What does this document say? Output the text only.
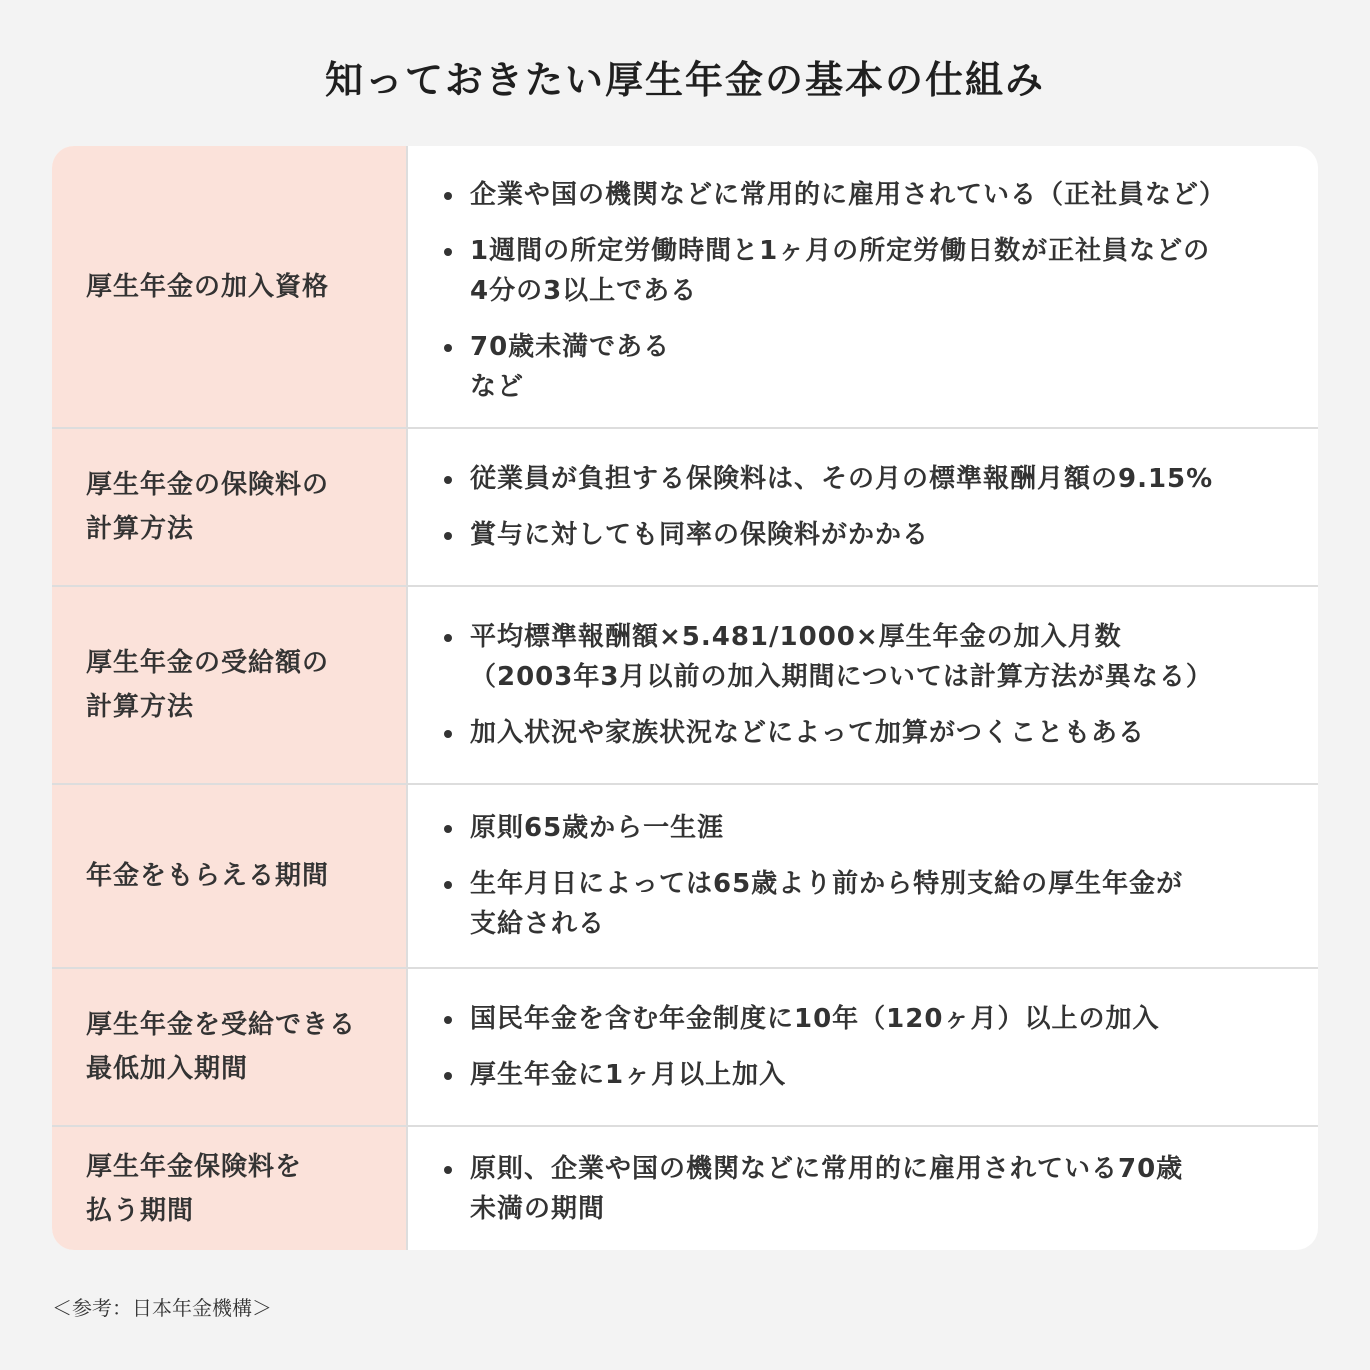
知っておきたい厚生年金の基本の仕組み
厚生年金の加入資格
企業や国の機関などに常用的に雇用されている（正社員など）
1週間の所定労働時間と1ヶ月の所定労働日数が正社員などの
4分の3以上である
70歳未満である
など
厚生年金の保険料の
計算方法
従業員が負担する保険料は、その月の標準報酬月額の9.15%
賞与に対しても同率の保険料がかかる
厚生年金の受給額の
計算方法
平均標準報酬額×5.481/1000×厚生年金の加入月数
（2003年3月以前の加入期間については計算方法が異なる）
加入状況や家族状況などによって加算がつくこともある
年金をもらえる期間
原則65歳から一生涯
生年月日によっては65歳より前から特別支給の厚生年金が
支給される
厚生年金を受給できる
最低加入期間
国民年金を含む年金制度に10年（120ヶ月）以上の加入
厚生年金に1ヶ月以上加入
厚生年金保険料を
払う期間
原則、企業や国の機関などに常用的に雇用されている70歳
未満の期間
＜参考：日本年金機構＞
